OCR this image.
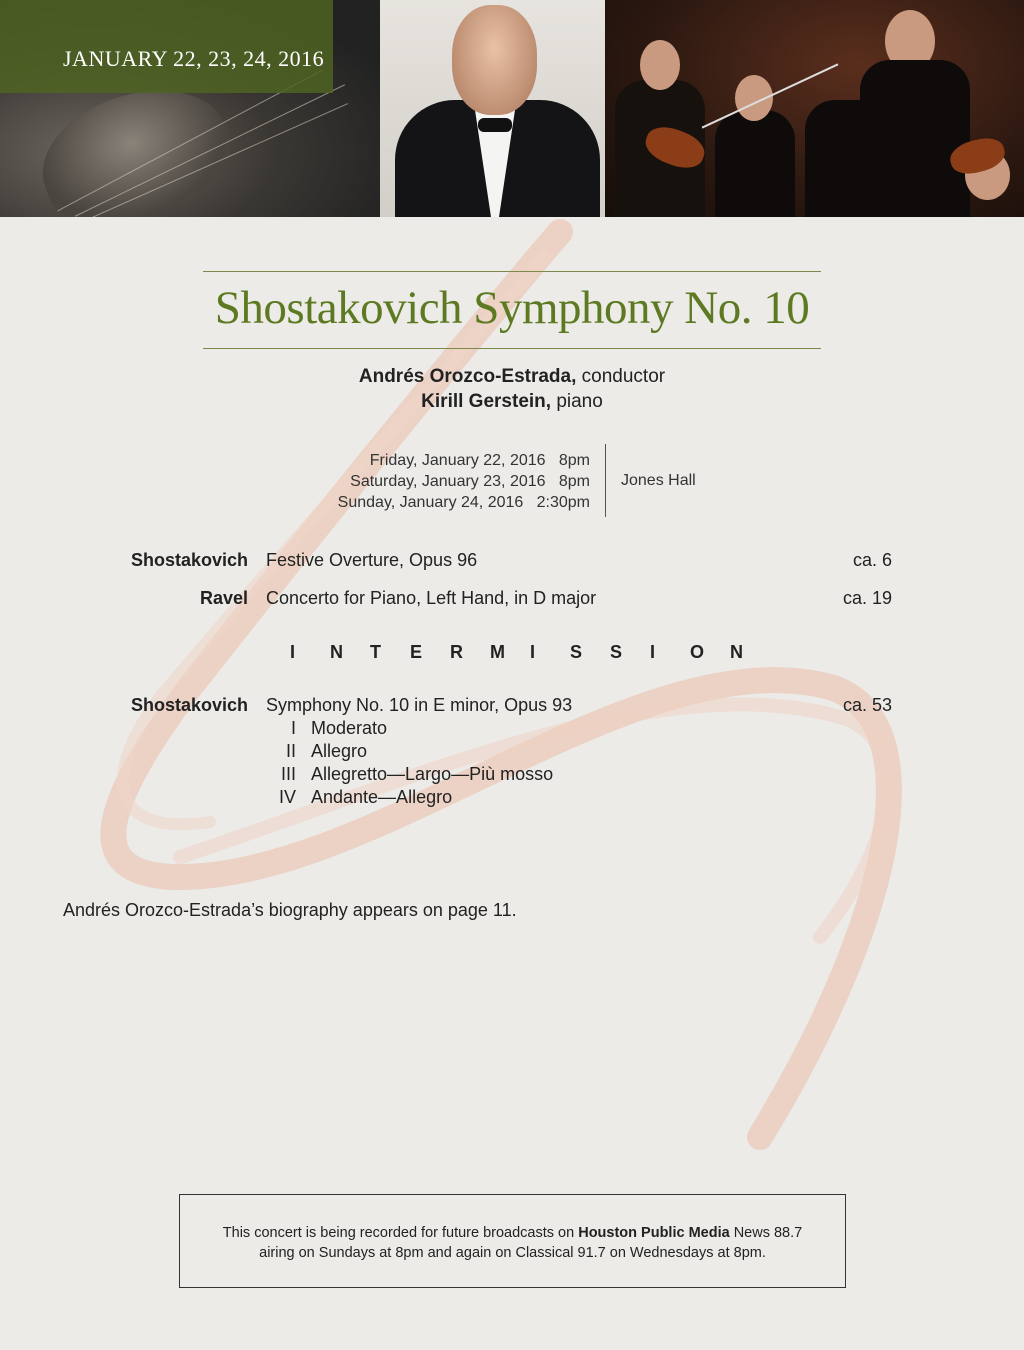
JANUARY 22, 23, 24, 2016
Shostakovich Symphony No. 10
Andrés Orozco-Estrada, conductor
Kirill Gerstein, piano
Friday, January 22, 2016   8pm
Saturday, January 23, 2016   8pm
Sunday, January 24, 2016   2:30pm
Jones Hall
Shostakovich Festive Overture, Opus 96	ca. 6
Ravel Concerto for Piano, Left Hand, in D major	ca. 19
I	N	T	E	R	M	I	S	S	I	O	N
Shostakovich Symphony No. 10 in E minor, Opus 93	ca. 53
I Moderato
II Allegro
III Allegretto—Largo—Più mosso
IV Andante—Allegro
Andrés Orozco-Estrada’s biography appears on page 11.
This concert is being recorded for future broadcasts on Houston Public Media News 88.7
airing on Sundays at 8pm and again on Classical 91.7 on Wednesdays at 8pm.
